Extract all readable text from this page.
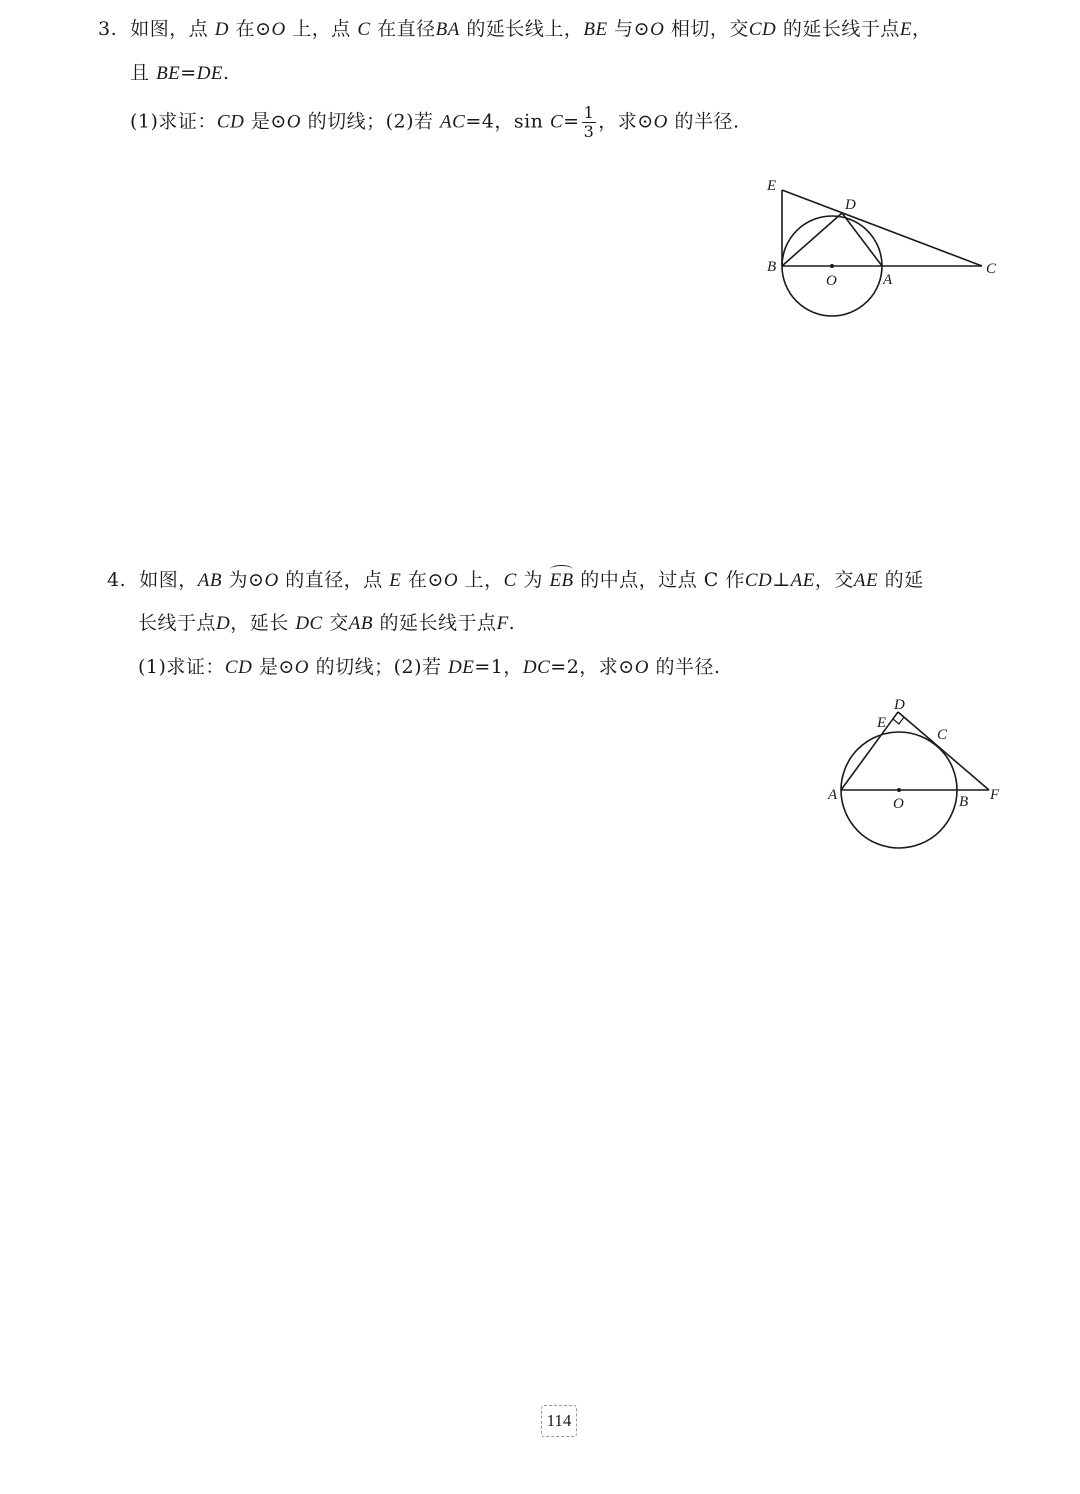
3. 如图，点 D 在⊙O 上，点 C 在直径BA 的延长线上，BE 与⊙O 相切，交CD 的延长线于点E，
且 BE=DE.
(1)求证：CD 是⊙O 的切线；(2)若 AC=4，$\sin C= \frac{1}{3}$ ，求⊙O 的半径.
E
D
B
O	A
C
4. 如图，AB 为⊙O 的直径，点 E 在⊙O 上，C 为 EB 的中点，过点 C 作CD⊥AE，交AE 的延
长线于点D，延长 DC 交AB 的延长线于点F.
(1)求证：CD 是⊙O 的切线；(2)若 DE=1，DC=2，求⊙O 的半径.
D
E
C
A
O	B F
114
